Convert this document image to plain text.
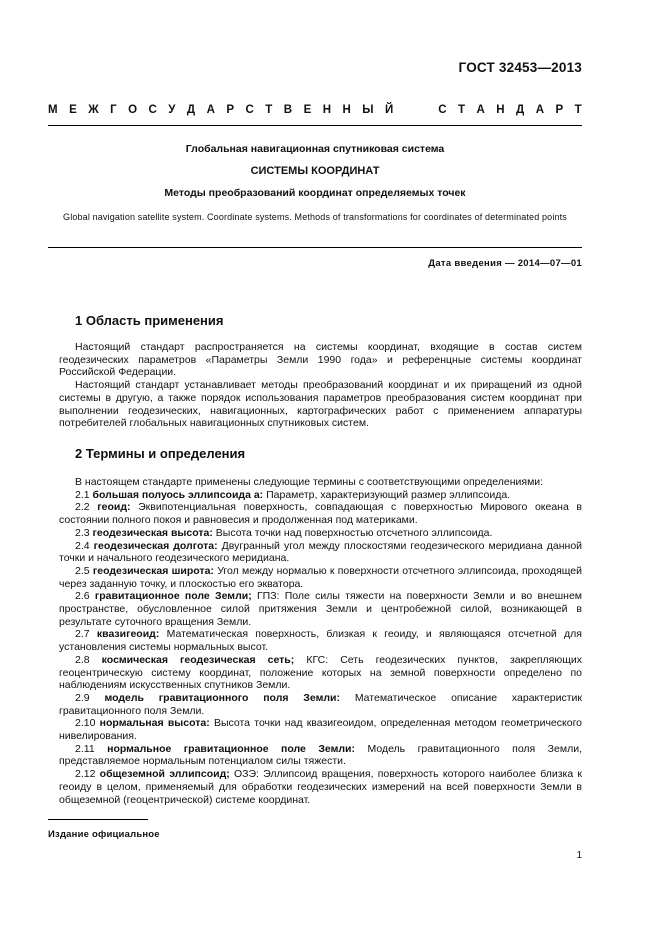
ГОСТ 32453—2013
М Е Ж Г О С У Д А Р С Т В Е Н Н Ы Й	С Т А Н Д А Р Т
Глобальная навигационная спутниковая система
СИСТЕМЫ КООРДИНАТ
Методы преобразований координат определяемых точек
Global navigation satellite system. Coordinate systems. Methods of transformations for coordinates of determinated points
Дата введения — 2014—07—01
1 Область применения

Настоящий стандарт распространяется на системы координат, входящие в состав систем геодезических параметров «Параметры Земли 1990 года» и референцные системы координат Российской Федерации.

Настоящий стандарт устанавливает методы преобразований координат и их приращений из одной системы в другую, а также порядок использования параметров преобразования систем координат при выполнении геодезических, навигационных, картографических работ с применением аппаратуры потребителей глобальных навигационных спутниковых систем.

2 Термины и определения

В настоящем стандарте применены следующие термины с соответствующими определениями:

2.1 большая полуось эллипсоида a: Параметр, характеризующий размер эллипсоида.

2.2 геоид: Эквипотенциальная поверхность, совпадающая с поверхностью Мирового океана в состоянии полного покоя и равновесия и продолженная под материками.

2.3 геодезическая высота: Высота точки над поверхностью отсчетного эллипсоида.

2.4 геодезическая долгота: Двугранный угол между плоскостями геодезического меридиана данной точки и начального геодезического меридиана.

2.5 геодезическая широта: Угол между нормалью к поверхности отсчетного эллипсоида, проходящей через заданную точку, и плоскостью его экватора.

2.6 гравитационное поле Земли; ГПЗ: Поле силы тяжести на поверхности Земли и во внешнем пространстве, обусловленное силой притяжения Земли и центробежной силой, возникающей в результате суточного вращения Земли.

2.7 квазигеоид: Математическая поверхность, близкая к геоиду, и являющаяся отсчетной для установления системы нормальных высот.

2.8 космическая геодезическая сеть; КГС: Сеть геодезических пунктов, закрепляющих геоцентрическую систему координат, положение которых на земной поверхности определено по наблюдениям искусственных спутников Земли.

2.9 модель гравитационного поля Земли: Математическое описание характеристик гравитационного поля Земли.

2.10 нормальная высота: Высота точки над квазигеоидом, определенная методом геометрического нивелирования.

2.11 нормальное гравитационное поле Земли: Модель гравитационного поля Земли, представляемое нормальным потенциалом силы тяжести.

2.12 общеземной эллипсоид; ОЗЭ: Эллипсоид вращения, поверхность которого наиболее близка к геоиду в целом, применяемый для обработки геодезических измерений на всей поверхности Земли в общеземной (геоцентрической) системе координат.

Издание официальное
1
